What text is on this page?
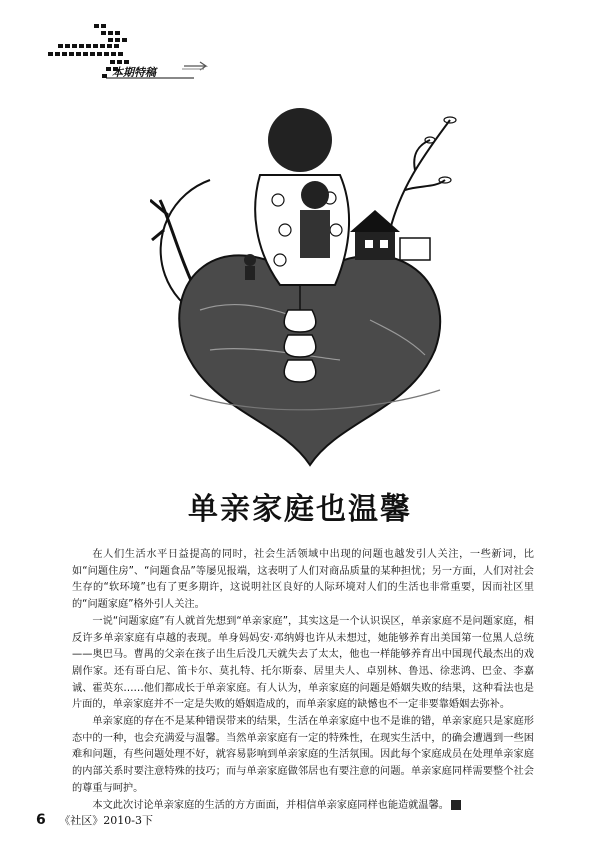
本期特稿
单亲家庭也温馨

在人们生活水平日益提高的同时，社会生活领域中出现的问题也越发引人关注，一些新词，比如“问题住房”、“问题食品”等屡见报端，这表明了人们对商品质量的某种担忧；另一方面，人们对社会生存的“软环境”也有了更多期许，这说明社区良好的人际环境对人们的生活也非常重要，因而社区里的“问题家庭”格外引人关注。

一说“问题家庭”有人就首先想到“单亲家庭”，其实这是一个认识误区，单亲家庭不是问题家庭，相反许多单亲家庭有卓越的表现。单身妈妈安·邓纳姆也许从未想过，她能够养育出美国第一位黑人总统——奥巴马。曹禺的父亲在孩子出生后没几天就失去了太太，他也一样能够养育出中国现代最杰出的戏剧作家。还有哥白尼、笛卡尔、莫扎特、托尔斯泰、居里夫人、卓别林、鲁迅、徐悲鸿、巴金、李嘉诚、霍英东……他们都成长于单亲家庭。有人认为，单亲家庭的问题是婚姻失败的结果，这种看法也是片面的，单亲家庭并不一定是失败的婚姻造成的，而单亲家庭的缺憾也不一定非要靠婚姻去弥补。

单亲家庭的存在不是某种错误带来的结果，生活在单亲家庭中也不是谁的错，单亲家庭只是家庭形态中的一种，也会充满爱与温馨。当然单亲家庭有一定的特殊性，在现实生活中，的确会遭遇到一些困难和问题，有些问题处理不好，就容易影响到单亲家庭的生活氛围。因此每个家庭成员在处理单亲家庭的内部关系时要注意特殊的技巧；而与单亲家庭做邻居也有要注意的问题。单亲家庭同样需要整个社会的尊重与呵护。

本文此次讨论单亲家庭的生活的方方面面，并相信单亲家庭同样也能造就温馨。

6 《社区》2010-3下
